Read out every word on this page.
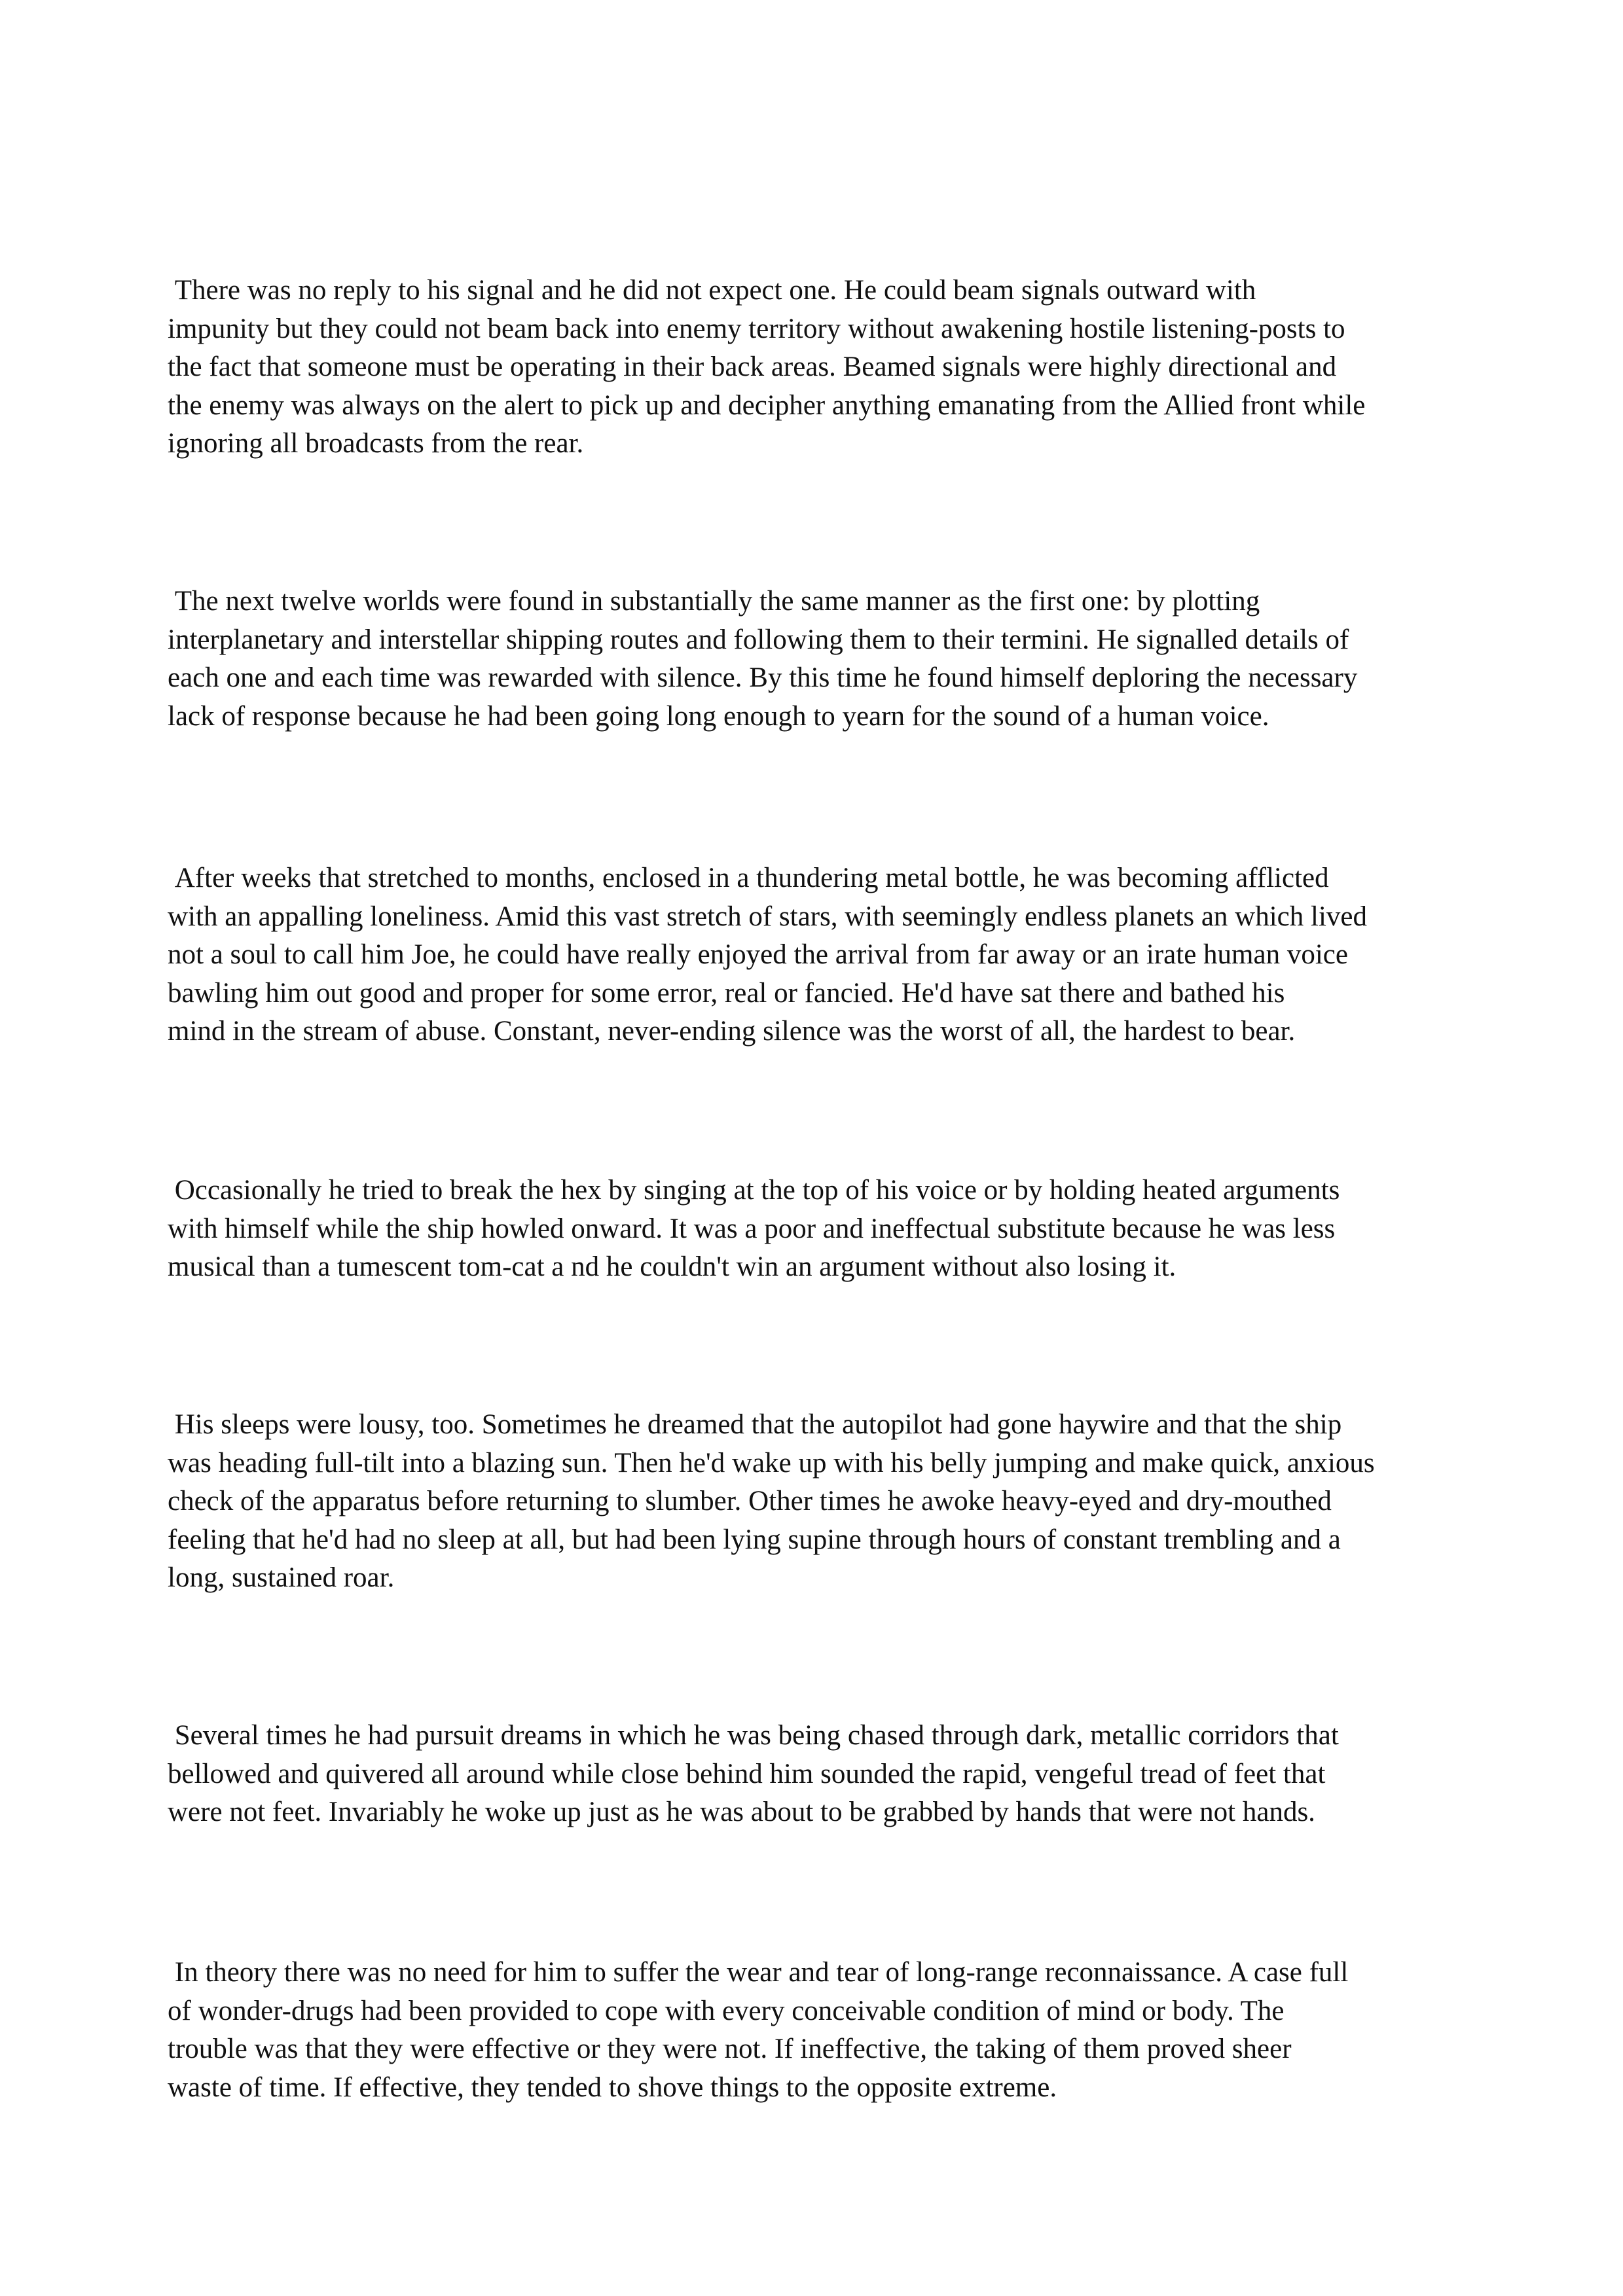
There was no reply to his signal and he did not expect one. He could beam signals outward with
impunity but they could not beam back into enemy territory without awakening hostile listening-posts to
the fact that someone must be operating in their back areas. Beamed signals were highly directional and
the enemy was always on the alert to pick up and decipher anything emanating from the Allied front while
ignoring all broadcasts from the rear.

The next twelve worlds were found in substantially the same manner as the first one: by plotting
interplanetary and interstellar shipping routes and following them to their termini. He signalled details of
each one and each time was rewarded with silence. By this time he found himself deploring the necessary
lack of response because he had been going long enough to yearn for the sound of a human voice.

After weeks that stretched to months, enclosed in a thundering metal bottle, he was becoming afflicted
with an appalling loneliness. Amid this vast stretch of stars, with seemingly endless planets an which lived
not a soul to call him Joe, he could have really enjoyed the arrival from far away or an irate human voice
bawling him out good and proper for some error, real or fancied. He'd have sat there and bathed his
mind in the stream of abuse. Constant, never-ending silence was the worst of all, the hardest to bear.

Occasionally he tried to break the hex by singing at the top of his voice or by holding heated arguments
with himself while the ship howled onward. It was a poor and ineffectual substitute because he was less
musical than a tumescent tom-cat a nd he couldn't win an argument without also losing it.

His sleeps were lousy, too. Sometimes he dreamed that the autopilot had gone haywire and that the ship
was heading full-tilt into a blazing sun. Then he'd wake up with his belly jumping and make quick, anxious
check of the apparatus before returning to slumber. Other times he awoke heavy-eyed and dry-mouthed
feeling that he'd had no sleep at all, but had been lying supine through hours of constant trembling and a
long, sustained roar.

Several times he had pursuit dreams in which he was being chased through dark, metallic corridors that
bellowed and quivered all around while close behind him sounded the rapid, vengeful tread of feet that
were not feet. Invariably he woke up just as he was about to be grabbed by hands that were not hands.

In theory there was no need for him to suffer the wear and tear of long-range reconnaissance. A case full
of wonder-drugs had been provided to cope with every conceivable condition of mind or body. The
trouble was that they were effective or they were not. If ineffective, the taking of them proved sheer
waste of time. If effective, they tended to shove things to the opposite extreme.
